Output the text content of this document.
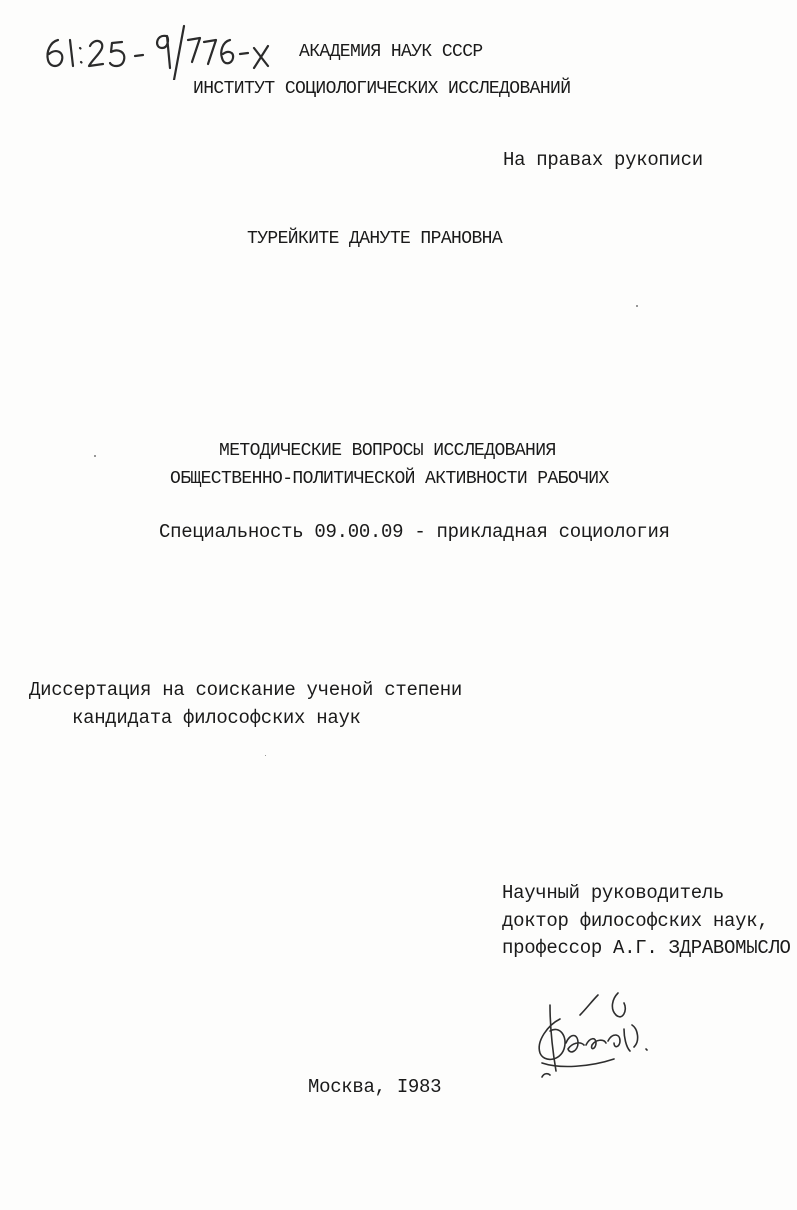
АКАДЕМИЯ НАУК СССР
ИНСТИТУТ СОЦИОЛОГИЧЕСКИХ ИССЛЕДОВАНИЙ
На правах рукописи
ТУРЕЙКИТЕ ДАНУТЕ ПРАНОВНА
МЕТОДИЧЕСКИЕ ВОПРОСЫ ИССЛЕДОВАНИЯ
ОБЩЕСТВЕННО-ПОЛИТИЧЕСКОЙ АКТИВНОСТИ РАБОЧИХ
Специальность 09.00.09 - прикладная социология
Диссертация на соискание ученой степени
кандидата философских наук
Научный руководитель
доктор философских наук,
профессор А.Г. ЗДРАВОМЫСЛО
Москва, I983
